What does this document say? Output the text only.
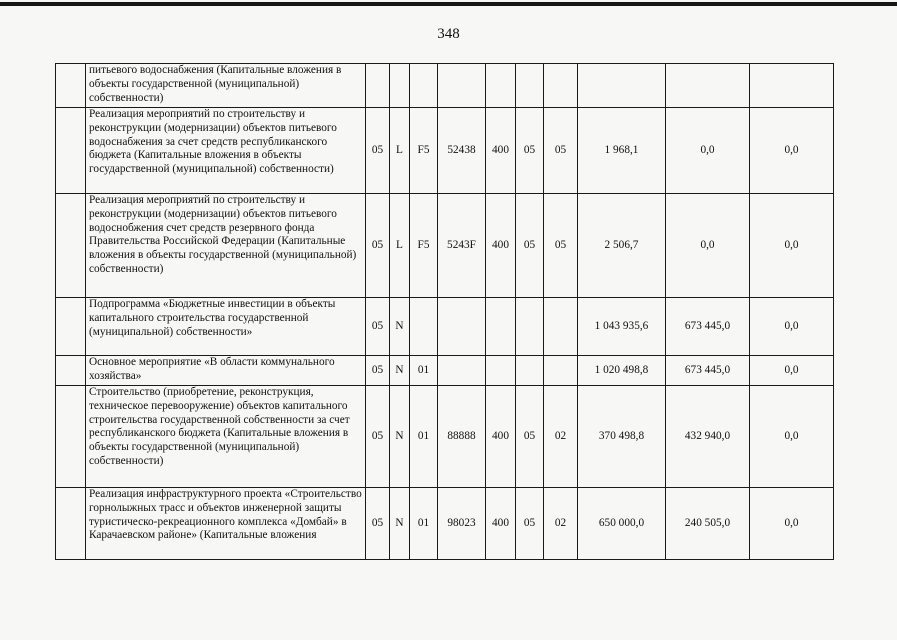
348
	питьевого водоснабжения (Капитальные вложения в объекты государственной (муниципальной) собственности)										
	Реализация мероприятий по строительству и реконструкции (модернизации) объектов питьевого водоснабжения за счет средств республиканского бюджета (Капитальные вложения в объекты государственной (муниципальной) собственности)	05	L	F5	52438	400	05	05	1 968,1	0,0	0,0
	Реализация мероприятий по строительству и реконструкции (модернизации) объектов питьевого водоснобжения счет средств резервного фонда Правительства Российской Федерации (Капитальные вложения в объекты государственной (муниципальной) собственности)	05	L	F5	5243F	400	05	05	2 506,7	0,0	0,0
	Подпрограмма «Бюджетные инвестиции в объекты капитального строительства государственной (муниципальной) собственности»	05	N						1 043 935,6	673 445,0	0,0
	Основное мероприятие «В области коммунального хозяйства»	05	N	01					1 020 498,8	673 445,0	0,0
	Строительство (приобретение, реконструкция, техническое перевооружение) объектов капитального строительства государственной собственности за счет республиканского бюджета (Капитальные вложения в объекты государственной (муниципальной) собственности)	05	N	01	88888	400	05	02	370 498,8	432 940,0	0,0
	Реализация инфраструктурного проекта «Строительство горнолыжных трасс и объектов инженерной защиты туристическо-рекреационного комплекса «Домбай» в Карачаевском районе» (Капитальные вложения	05	N	01	98023	400	05	02	650 000,0	240 505,0	0,0
